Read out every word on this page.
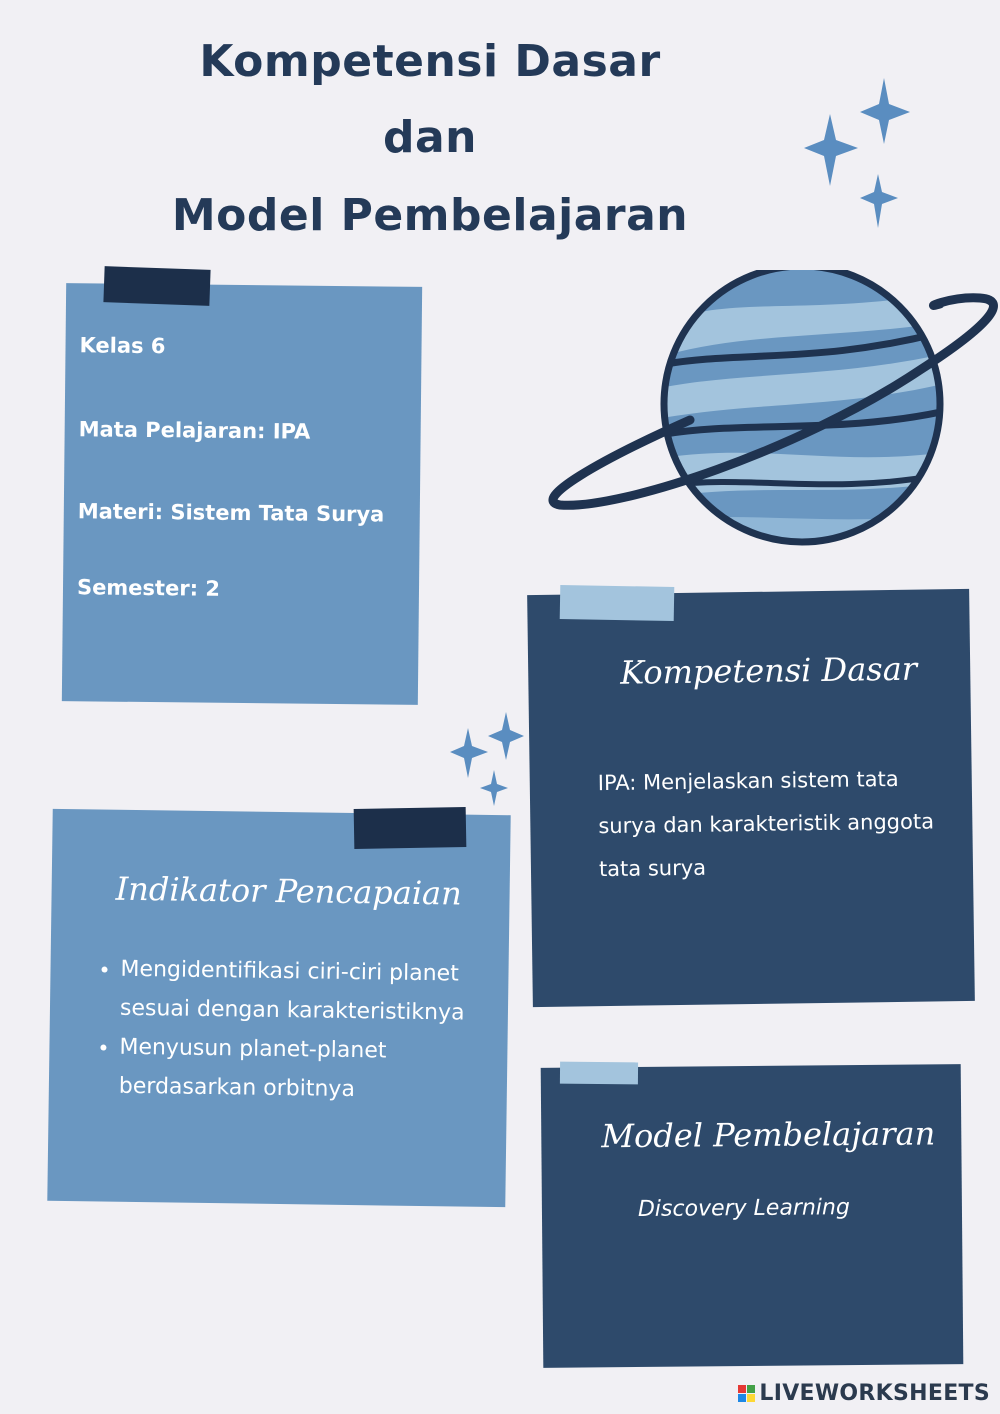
Kompetensi Dasar
dan
Model Pembelajaran
Kelas 6
Mata Pelajaran: IPA
Materi: Sistem Tata Surya
Semester: 2
Indikator Pencapaian
• Mengidentifikasi ciri-ciri planet sesuai dengan karakteristiknya
• Menyusun planet-planet berdasarkan orbitnya
Kompetensi Dasar
IPA: Menjelaskan sistem tata surya dan karakteristik anggota tata surya
Model Pembelajaran
Discovery Learning
LIVEWORKSHEETS
